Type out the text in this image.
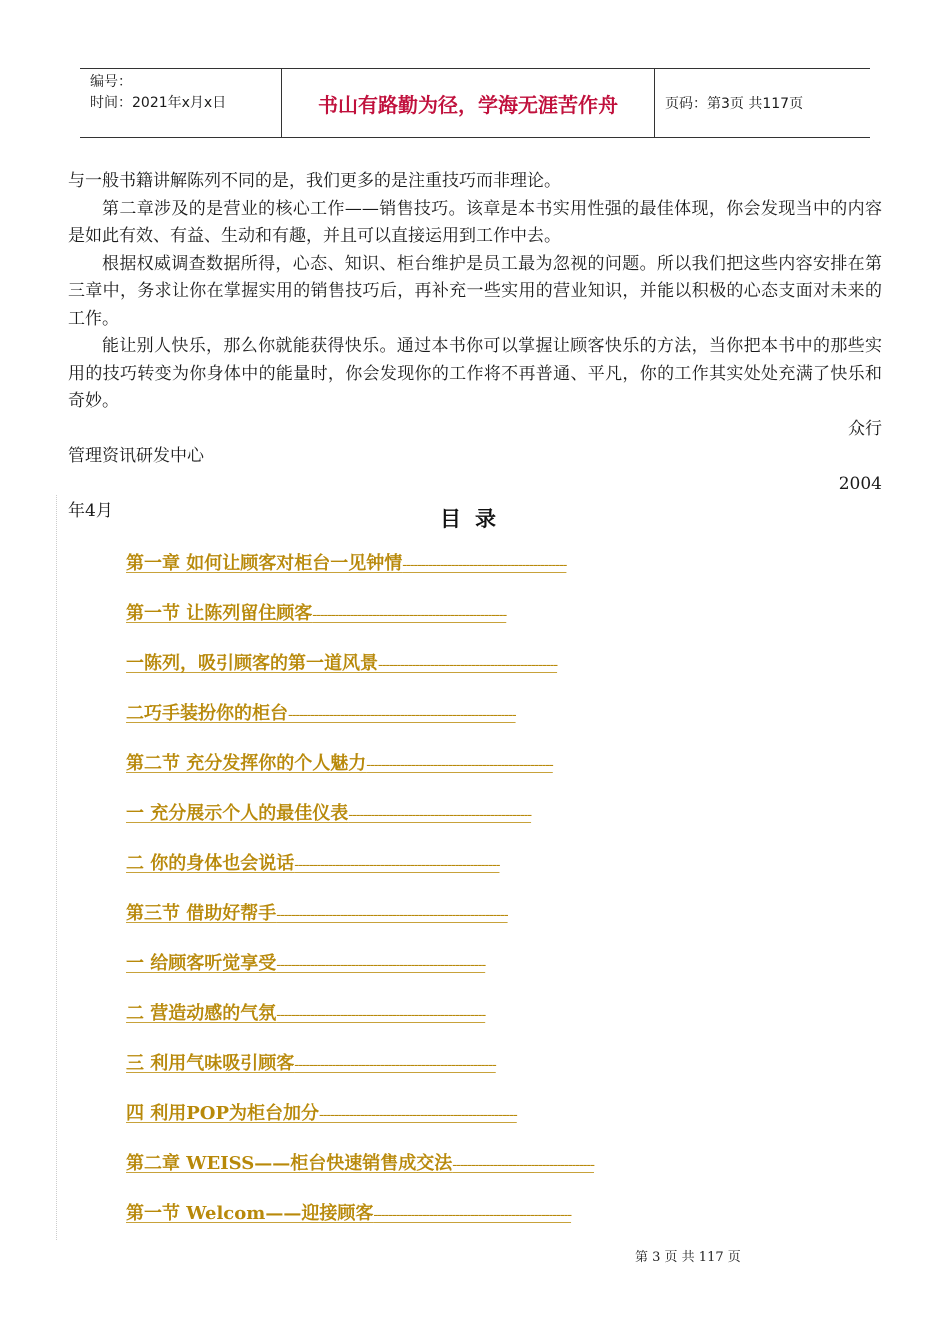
编号：
时间：2021年x月x日	书山有路勤为径，学海无涯苦作舟	页码：第3页 共117页

与一般书籍讲解陈列不同的是，我们更多的是注重技巧而非理论。

第二章涉及的是营业的核心工作——销售技巧。该章是本书实用性强的最佳体现，你会发现当中的内容是如此有效、有益、生动和有趣，并且可以直接运用到工作中去。

根据权威调查数据所得，心态、知识、柜台维护是员工最为忽视的问题。所以我们把这些内容安排在第三章中，务求让你在掌握实用的销售技巧后，再补充一些实用的营业知识，并能以积极的心态支面对未来的工作。

能让别人快乐，那么你就能获得快乐。通过本书你可以掌握让顾客快乐的方法，当你把本书中的那些实用的技巧转变为你身体中的能量时，你会发现你的工作将不再普通、平凡，你的工作其实处处充满了快乐和奇妙。

众行

管理资讯研发中心

2004

年4月	目录
第一章 如何让顾客对柜台一见钟情--------------------------------------------
第一节 让陈列留住顾客----------------------------------------------------
一陈列，吸引顾客的第一道风景------------------------------------------------
二巧手装扮你的柜台-------------------------------------------------------------
第二节 充分发挥你的个人魅力--------------------------------------------------
一 充分展示个人的最佳仪表-------------------------------------------------
二 你的身体也会说话-------------------------------------------------------
第三节 借助好帮手--------------------------------------------------------------
一 给顾客听觉享受--------------------------------------------------------
二 营造动感的气氛--------------------------------------------------------
三 利用气味吸引顾客------------------------------------------------------
四 利用POP为柜台加分-----------------------------------------------------
第二章 WEISS——柜台快速销售成交法--------------------------------------
第一节 Welcom——迎接顾客-----------------------------------------------------
第 3 页 共 117 页
